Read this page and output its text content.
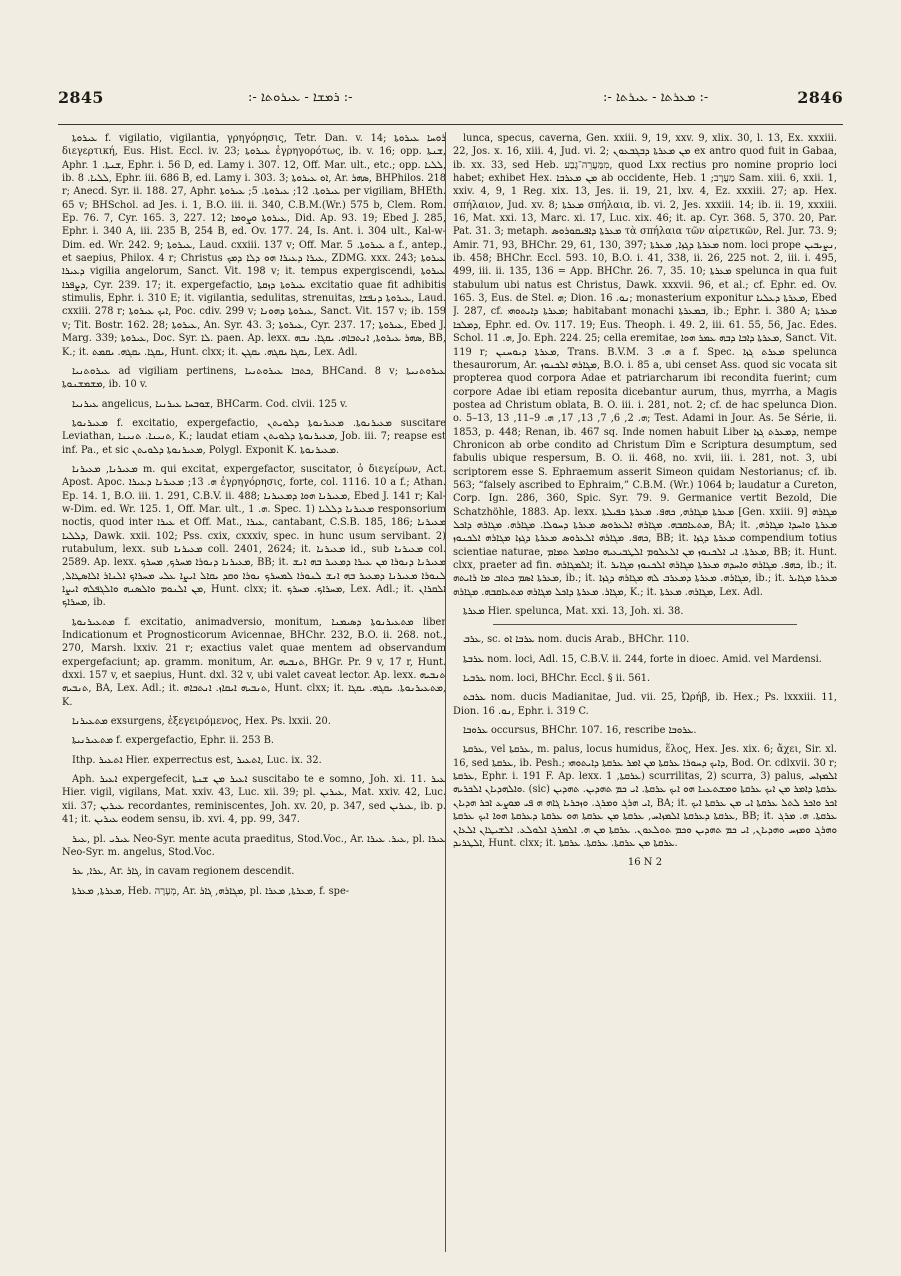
2845	:- ܪܡܫܐ - ܥܝܪܘܬܐ :-	:- ܡܥܪܬܐ - ܥܝܪܬܐ :-	2846

ܥܝܪܘܬܐ f. vigilatio, vigilantia, γρηγόρησις, Tetr. Dan. v. 14; ܪܘܚܐ ܥܝܪܘܬܐ διεγερτική, Eus. Hist. Eccl. iv. 23; ܥܝܪܘܬܐ ἐγρηγορότως, ib. v. 16; opp. ܫܢܬܐ, Aphr. ܫܢܬܐ. 1, Ephr. i. 56 D, ed. Lamy i. 307. 12, Off. Mar. ult., etc.; opp. ܠܠܝܐ, ib. ܠܠܝܐ. 8, Ephr. iii. 686 B, ed. Lamy i. 303. 3; ܐܘ ܥܝܪܘܬܐ, Ar. ܣܗܪ, BHPhilos. 218 r; Anecd. Syr. ii. 188. 27, Aphr. ܥܝܪܘܬܐ. 12; ܥܝܪܘܬܐ. 5; ܥܝܪܘܬܐ per vigiliam, BHEth. 65 v; BHSchol. ad Jes. i. 1, B.O. iii. ii. 340, C.B.M.(Wr.) 575 b, Clem. Rom. Ep. 76. 7, Cyr. 165. 3, 227. 12; ܥܝܪܘܬܐ ܘܨܘܡܐ, Did. Ap. 93. 19; Ebed J. 285, Ephr. i. 340 A, iii. 235 B, 254 B, ed. Ov. 177. 24, Is. Ant. i. 304 ult., Kal-w-Dim. ed. Wr. 242. 9; ܥܝܪܘܬܐ, Laud. cxxiii. 137 v; Off. Mar. ܥܝܪܘܬܐ. 5 a f., antep., et saepius, Philox. 4 r; Christus ܥܝܪܐ ܕܥܝܪܐ ܗܘ ܕܠܐ ܕܡܟ, ZDMG. xxx. 243; ܥܝܪܘܬܐ ܕܥܝܪܐ vigilia angelorum, Sanct. Vit. 198 v; it. tempus expergiscendi, ܥܝܪܘܬܐ ܕܨܦܪܐ, Cyr. 239. 17; it. expergefactio, ܥܝܪܘܬܐ ܕܙܩܬܐ excitatio quae fit adhibitis stimulis, Ephr. i. 310 E; it. vigilantia, sedulitas, strenuitas, ܥܝܪܘܬܐ ܕܢܦܫܐ, Laud. cxxiii. 278 r; ܐܝܟ ܥܝܪܘܬܐ, Poc. cdiv. 299 v; ܥܝܪܘܬܐ ܕܗܘܢܐ, Sanct. Vit. 157 v; ib. 159 v; Tit. Bostr. 162. 28; ܥܝܪܘܬܐ, An. Syr. 43. 3; ܥܝܪܘܬܐ, Cyr. 237. 17; ܥܝܪܘܬܐ, Ebed J. Marg. 339; ܥܝܪܘܬܐ, Doc. Syr. ܠܐ. paen. Ap. lexx. ܣܗܪ ܥܝܪܘܬܐ, ܐܢܬܒܐܗ. ܝܩܓܐ. ܢܒܗ, BB, K.; it. ܝܩܓܐ. ܝܩܓܗ. ܝܩܡܬ, Hunt. clxx; it. ܝܩܓܐ ܝܩܓܗ. ܝܩܓܢ, Lex. Adl.

ܥܝܪܘܬܢܝܐ ad vigiliam pertinens, ܟܬܒܐ ܥܝܪܘܬܢܝܐ, BHCand. 8 v; ܥܝܪܘܬܢܝܬܐ ܡܫܡܫܢܘܬܐ, ib. 10 v.

ܥܝܪܢܝܐ angelicus, ܫܘܒܚܐ ܥܝܪܢܝܐ, BHCarm. Cod. clvii. 125 v.

ܡܥܝܪܢܘܬܐ f. excitatio, expergefactio, ܡܥܝܪܢܘܬܐ. ܡܥܝܪܢܘܬܐ ܕܠܘܝܬܢ suscitare Leviathan, ܬܢܝܢܐ. ܬܢܝܢܐ, K.; laudat etiam ܡܥܝܪܢܘܬܐ ܕܠܘܝܬܢ, Job. iii. 7; reapse est inf. Pa., et sic ܡܥܝܪܢܘܬܐ ܕܠܘܝܬܢ, Polygl. Exponit K. ܡܥܝܪܢܘܬܐ.

ܡܥܝܪܢܐ, ܡܥܝܪܢܐ m. qui excitat, expergefactor, suscitator, ὁ διεγείρων, Act. Apost. Apoc. ܗ. 13; ܡܥܝܪܢܐ ܕܥܝܪܐ ἐγρηγόρησις, forte, col. 1116. 10 a f.; Athan. Ep. 14. 1, B.O. iii. 1. 291, C.B.V. ii. 488; ܡܥܝܪܢܐ ܗܘܐ ܕܡܥܝܪܢܐ, Ebed J. 141 r; Kal-w-Dim. ed. Wr. 125. 1, Off. Mar. ult., ܗ. 1. Spec. 1) ܡܥܝܪܢܐ ܕܠܠܝܐ responsorium noctis, quod inter ܥܝܪܐ et Off. Mat., ܥܝܪܐ, cantabant, C.S.B. 185, 186; ܡܥܝܪܢܐ ܕܠܠܝܐ, Dawk. xxii. 102; Pss. cxix, cxxxiv, spec. in hunc usum servibant. 2) rutabulum, lexx. sub ܡܥܝܪܢܐ coll. 2401, 2624; it. ܡܥܝܪܢܐ id., sub ܡܥܝܪܢܐ col. 2589. Ap. lexx. ܡܥܝܪܢܐ ܕܢܘܪܐ ܡܚܪܟ, ܡܚܪܟ, BB; it. ܡܥܝܪܢܐ ܕܢܘܪܐ ܡܢ ܥܝܪܐ ܕܡܥܝܪ ܒܗ ܐܢܫ ܠܢܘܪܐ ܡܥܝܪܢܐ ܕܡܥܝܪ ܒܗ ܐܢܫ ܠܢܘܪܐ ܠܡܚܪܟ ܢܘܪܐ ܘܩܕ ܝܩܐܠ ܐܝܨܐ ܥܠܝ ܡܚܪܐܟ ܐܠܢܐܪ ܐܠܐܣܛܐܠ, ܡܢ ܐܠܢܘܡ ܘܐܠܣܢܗ ܘܐܠܓܦܠܗ ܐܝܨܐ, Hunt. clxx; it. ܡܚܪܐܟ. ܡܚܪܟ, Lex. Adl.; it. ܐܠܩܪܐܢ ܡܚܪܐܟ, ib.

ܡܬܥܝܪܢܘܬܐ f. excitatio, animadversio, monitum, ܡܬܥܝܪܢܘܬܐ ܕܣܝܡܢܐ liber Indicationum et Prognosticorum Avicennae, BHChr. 232, B.O. ii. 268. not., 270, Marsh. lxxiv. 21 r; exactius valet quae mentem ad observandum expergefaciunt; ap. gramm. monitum, Ar. ܬܢܒܝܗ, BHGr. Pr. 9 v, 17 r, Hunt. dxxi. 157 v, et saepius, Hunt. dxl. 32 v, ubi valet caveat lector. Ap. lexx. ܬܢܒܝܗ ܬܢܒܝܗ, BA, Lex. Adl.; it. ܬܢܒܝܗ ܐܝܩܐܙ. ܐܢܬܒܐܗ, Hunt. clxx; it. ܡܬܥܝܪܢܘܬܐ. ܝܩܓܗ. ܝܩܓܐ, K.

ܡܬܥܝܪܢܐ exsurgens, ἐξεγειρόμενος, Hex. Ps. lxxii. 20.

ܡܬܥܝܪܢܝܬܐ f. expergefactio, Ephr. ii. 253 B.

Ithp. ܐܬܥܝܪ Hier. experrectus est, ܐܬܥܝܪ, Luc. ix. 32.

Aph. ܐܥܝܪ expergefecit, ܐܥܝܪ ܡܢ ܫܢܬܐ suscitabo te e somno, Joh. xi. 11. ܥܝܪ Hier. vigil, vigilans, Mat. xxiv. 43, Luc. xii. 39; pl. ܥܝܪܝܢ, Mat. xxiv. 42, Luc. xii. 37; ܥܝܪܝܢ recordantes, reminiscentes, Joh. xv. 20, p. 347, sed ܥܝܪܝܢ, ib. p. 41; it. ܥܝܪܝܢ eodem sensu, ib. xvi. 4, pp. 99, 347.

ܥܝܪ, pl. ܥܝܪܝ Neo-Syr. mente acuta praeditus, Stod.Voc., Ar. ܥܝܪ. ܥܝܪܐ, pl. ܥܝܪܐ Neo-Syr. m. angelus, Stod.Voc.

ܥܪܐ, ܥܪ, Ar. ܓܐܪ, in cavam regionem descendit.

ܡܥܪܬܐ, ܡܥܪܬܐ, Heb. מְעָרָה, Ar. ܡܓܐܪܗ, ܓܐܪ, pl. ܡܥܪܬܐ, ܡܥܪܐ, f. spe-

lunca, specus, caverna, Gen. xxiii. 9, 19, xxv. 9, xlix. 30, l. 13, Ex. xxxiii. 22, Jos. x. 16, xiii. 4, Jud. vi. 2; ܡܢ ܡܥܪܬܐ ܕܒܓܒܥܘܢ ex antro quod fuit in Gabaa, ib. xx. 33, sed Heb. מִמַּעֲרֵה־גָבַע, quod Lxx rectius pro nomine proprio loci habet; exhibet Hex. ܡܢ ܡܥܪܒܐ ab occidente, Heb. מַעֲרָב; 1 Sam. xiii. 6, xxii. 1, xxiv. 4, 9, 1 Reg. xix. 13, Jes. ii. 19, 21, lxv. 4, Ez. xxxiii. 27; ap. Hex. σπήλαιον, Jud. xv. 8; ܡܥܪܬܐ σπήλαια, ib. vi. 2, Jes. xxxiii. 14; ib. ii. 19, xxxiii. 16, Mat. xxi. 13, Marc. xi. 17, Luc. xix. 46; it. ap. Cyr. 368. 5, 370. 20, Par. Pat. 31. 3; metaph. ܡܥܪܬܐ ܕܐܦܝܩܘܪܘܣ τὰ σπήλαια τῶν αἱρετικῶν, Rel. Jur. 73. 9; Amir. 71, 93, BHChr. 29, 61, 130, 397; ܡܥܪܬܐ ܕܓܙܐ, ܡܥܪܬܐ nom. loci prope ܢܨܝܒܝܢ, ib. 458; BHChr. Eccl. 593. 10, B.O. i. 41, 338, ii. 26, 225 not. 2, iii. i. 495, 499, iii. ii. 135, 136 = App. BHChr. 26. 7, 35. 10; ܡܥܪܬܐ spelunca in qua fuit stabulum ubi natus est Christus, Dawk. xxxvii. 96, et al.; cf. Ephr. ed. Ov. 165. 3, Eus. de Stel. ܗ; Dion. ܢܘ. 16; monasterium exponitur ܡܥܪܬܐ ܕܥܠܝܐ, Ebed J. 287, cf. ܡܥܪܬܐ ܕܐܝܬܘܗܝ; habitabant monachi ܒܡܥܪܬܐ, ib.; Ephr. i. 380 A; ܡܥܪܬܐ ܕܡܠܟܐ, Ephr. ed. Ov. 117. 19; Eus. Theoph. i. 49. 2, iii. 61. 55, 56, Jac. Edes. Schol. ܗ. 11, Jo. Eph. 224. 25; cella eremitae, ܡܥܪܬܐ ܕܐܒܐ ܕܒܗ ܥܡܪ ܗܘܐ, Sanct. Vit. 119 r; ܡܥܪܬܐ ܕܝܘܚܢܢ, Trans. B.V.M. ܗ. 3 a f. Spec. ܡܥܪܬ ܓܙܐ spelunca thesaurorum, Ar. ܡܓܐܪܗ ܐܠܟܢܘܙ, B.O. i. 85 a, ubi censet Ass. quod sic vocata sit propterea quod corpora Adae et patriarcharum ibi recondita fuerint; cum corpore Adae ibi etiam reposita dicebantur aurum, thus, myrrha, a Magis postea ad Christum oblata, B. O. iii. i. 281, not. 2; cf. de hac spelunca Dion. o. 5–13, ܗ. 2, 6, 7, 13, 17, ܗ. 9–11, 13; Test. Adami in Jour. As. 5e Série, ii. 1853, p. 448; Renan, ib. 467 sq. Inde nomen habuit Liber ܕܡܥܪܬ ܓܙܐ, nempe Chronicon ab orbe condito ad Christum Dīm e Scriptura desumptum, sed fabulis ubique respersum, B. O. ii. 468, no. xvii, iii. i. 281, not. 3, ubi scriptorem esse S. Ephraemum asserit Simeon quidam Nestorianus; cf. ib. 563; “falsely ascribed to Ephraim,” C.B.M. (Wr.) 1064 b; laudatur a Cureton, Corp. Ign. 286, 360, Spic. Syr. 79. 9. Germanice vertit Bezold, Die Schatzhöhle, 1883. Ap. lexx. ܡܥܪܬܐ ܡܓܐܪܗ, ܟܗܦ. ܡܥܪܬܐ ܟܦܝܠܬܐ [Gen. xxiii. 9] ܡܓܐܪܗ ܡܬܥܐܩܒܗ. ܡܓܐܪܗ ܐܠܥܪܘܣ ܡܥܪܬܐ ܕܚܘܠܐ. ܡܓܐܪܗ. ܡܓܐܪܗ ܕܐܟܠ, BA; it. ܡܥܪܬܐ ܘܐܚܕܐ ܡܓܐܪܗ, ܟܗܦ. ܡܓܐܪܗ ܐܠܥܪܘܣ ܡܥܪܬܐ ܕܓܙܐ ܡܓܐܪܗ ܐܠܟܢܘܙ, BB; it. ܡܥܪܬܐ ܕܓܙܐ compendium totius scientiae naturae, ܡܥܪܬܐ. ܐܝ ܐܠܟܢܘܙ ܡܢ ܐܠܥܠܘܡ ܐܠܛܒܝܥܝܗ ܘܟܐܡܠ ܬܡܐܡ, BB; it. Hunt. clxx, praeter ad fin. ܐܠܡܓܐܪܗ; it. ܟܗܦ. ܡܓܐܪܗ ܘܐܚܕܗ ܡܥܪܬܐ ܡܓܐܪܗ ܐܠܟܢܘܙ ܡܓܐܝܪ, ib.; it. ܡܥܪܬܐ ܐܣܡ ܟܬܐܒ ܡܐ ܪܐܝܬܗ, ib.; it. ܡܓܐܪܗ. ܡܥܪܬܐ ܕܡܥܪܒ ܠܗ ܡܓܐܪܗ ܕܓܙܐ, ib.; it. ܡܥܪܬܐ ܡܓܐܝܪ ܡܓܐܪ. ܡܥܪܬܐ ܕܐܟܠ ܡܓܐܪܗ ܡܬܥܐܩܒܗ. ܡܓܐܪܗ, K.; it. ܡܓܐܪܗ. ܡܥܪܬܐ, Lex. Adl.

ܡܥܪܬܐ Hier. spelunca, Mat. xxi. 13, Joh. xi. 38.

ܥܪܒ, sc. ܥܪܒܐ ܐܘ nom. ducis Arab., BHChr. 110.

ܥܪܒܬܐ nom. loci, Adl. 15, C.B.V. ii. 244, forte in dioec. Amid. vel Mardensi.

ܥܪܒܝܐ nom. loci, BHChr. Eccl. § ii. 561.

ܥܪܒܬ nom. ducis Madianitae, Jud. vii. 25, Ὠρήβ, ib. Hex.; Ps. lxxxiii. 11, Dion. ܢܘ. 16, Ephr. i. 319 C.

ܥܪܘܒܐ occursus, BHChr. 107. 16, rescribe ܥܪܘܒܐ.

ܥܪܩܬܐ, vel ܥܪܩܬܐ, m. palus, locus humidus, ἕλος, Hex. Jes. xix. 6; ἄχει, Sir. xl. 16, sed ܥܪܩܬܐ, ib. Pesh.; ܕܐܝܟ ܕܚܘܪܐ ܥܪܩܬܐ ܡܢ ܐܡܪ ܥܪܩܬܐ ܕܐܝܬܘܗܝ, Bod. Or. cdlxvii. 30 r; ܥܪܩܬܐ, Ephr. i. 191 F. Ap. lexx. ܥܪܩܬܐ, 1) scurrilitas, 2) scurra, 3) palus, ܐܠܡܙܐܚ ܘܐܠܗܕܝܐܢ ܐܠܟܪܝܗ. (sic) ܥܪܩܬܐ ܕܐܡܪ ܡܢ ܐܝܟ ܥܪܩܬܐ ܘܡܫܬܥܢܐ ܗܘ ܐܝܟ ܥܪܩܬܐ. ܐܝ ܟܡ ܬܗܕܝܢ. ܬܗܕܝܢ ܐܝ ܗܪܓ ܘܡܪܓ. ܘܙܟܪܝܐ ܓܐܗ ܗ ܦܝ ܡܘܨܥ ܐܟܪ ܗܕܝܐܢ, BA; it. ܐܟܪ ܘܐܟܪ ܠܬܠ ܥܪܩܬܐ ܐܝ ܡܢ ܥܪܩܬܐ ܐܝܟ ܥܪܩܬܐ ܕܥܪܩܬܐ ܐܠܡܙܐܚ, ܥܪܩܬܐ ܡܢ ܥܪܩܬܐ ܗܘ ܥܪܩܬܐ ܕܥܪܩܬܐ ܗܘܐ ܐܝܟ ܥܪܩܬܐ, BB; it. ܥܪܩܬܐ. ܗ. ܡܪܓ ܘܗܪܓ ܘܡܙܚ ܘܗܕܝܐܢ, ܐܝ ܟܡ ܬܗܕܝܢ ܘܟܡ ܬܘܠܥܘܢ. ܥܪܩܬܐ ܡܢ ܗ. ܐܠܡܪܓ ܐܠܘܠܥ. ܐܠܫܝܛܐܢ ܐܠܥܐܢ ܐܠܛܪܝܕ, Hunt. clxx; it. ܥܪܩܬܐ ܡܢ ܥܪܩܬܐ. ܥܪܩܬܐ. ܥܪܩܬܐ.

16 N 2
